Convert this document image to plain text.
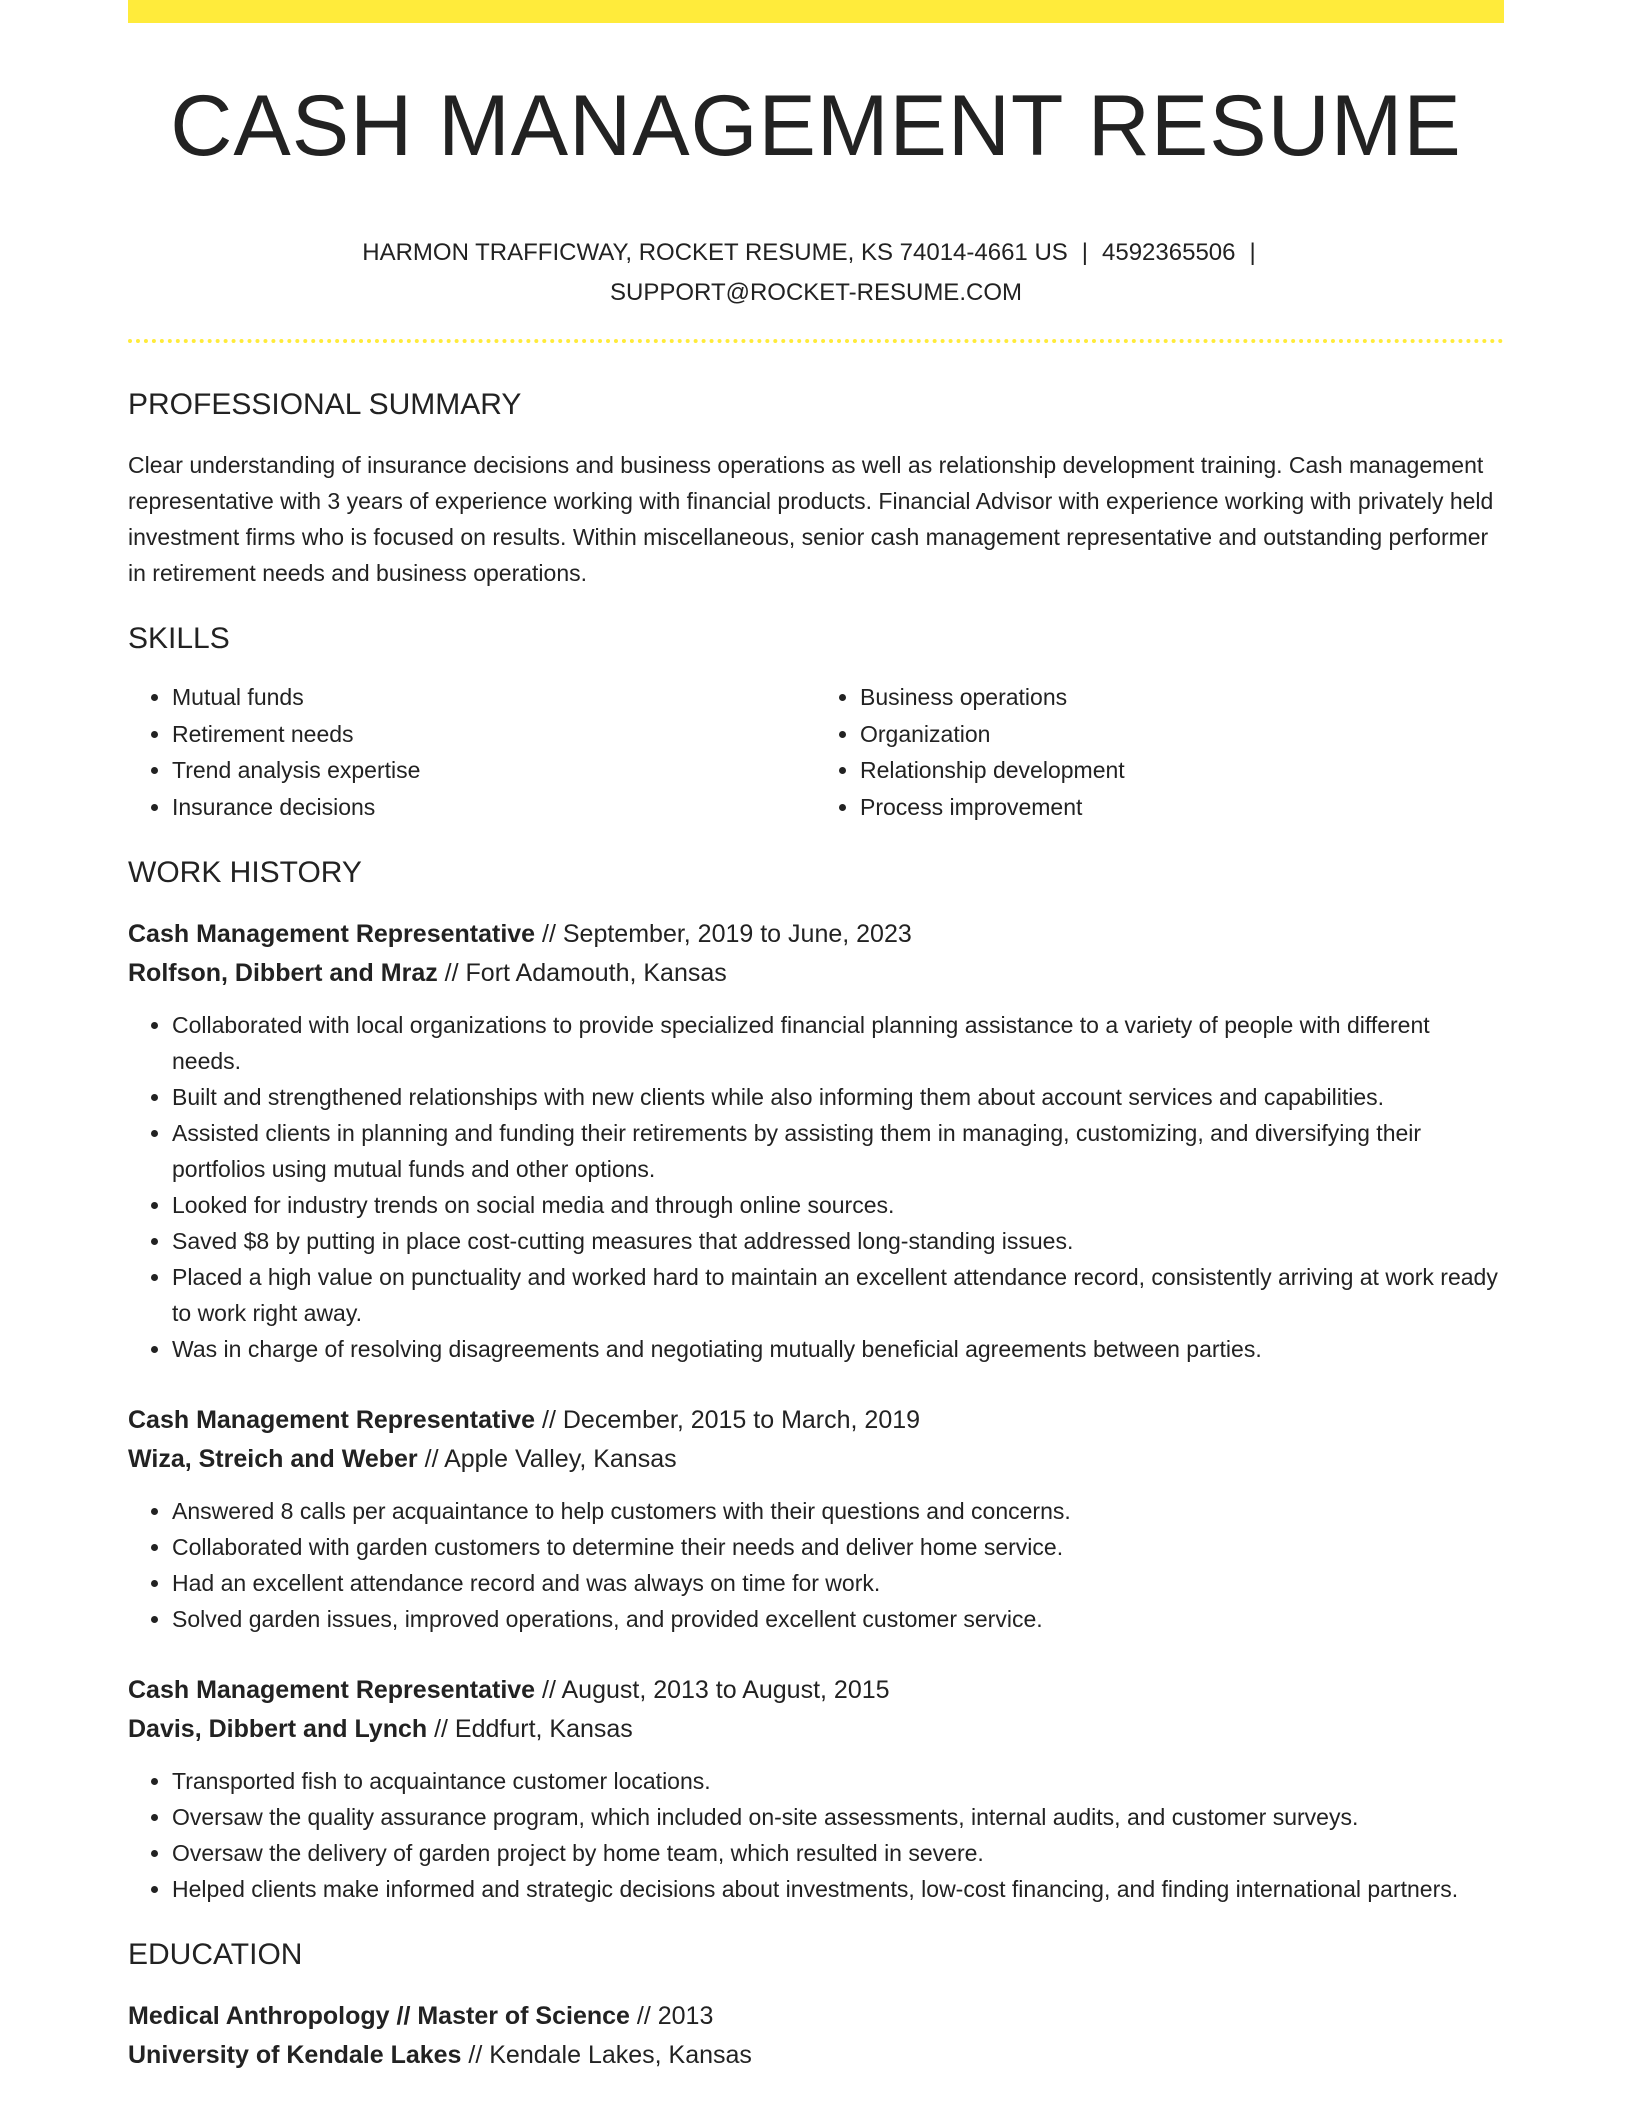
CASH MANAGEMENT RESUME
HARMON TRAFFICWAY, ROCKET RESUME, KS 74014-4661 US | 4592365506 |
SUPPORT@ROCKET-RESUME.COM
PROFESSIONAL SUMMARY

Clear understanding of insurance decisions and business operations as well as relationship development training. Cash management representative with 3 years of experience working with financial products. Financial Advisor with experience working with privately held investment firms who is focused on results. Within miscellaneous, senior cash management representative and outstanding performer in retirement needs and business operations.

SKILLS
• Mutual funds
• Retirement needs
• Trend analysis expertise
• Insurance decisions
• Business operations
• Organization
• Relationship development
• Process improvement
WORK HISTORY
Cash Management Representative // September, 2019 to June, 2023
Rolfson, Dibbert and Mraz // Fort Adamouth, Kansas
• Collaborated with local organizations to provide specialized financial planning assistance to a variety of people with different needs.
• Built and strengthened relationships with new clients while also informing them about account services and capabilities.
• Assisted clients in planning and funding their retirements by assisting them in managing, customizing, and diversifying their portfolios using mutual funds and other options.
• Looked for industry trends on social media and through online sources.
• Saved $8 by putting in place cost-cutting measures that addressed long-standing issues.
• Placed a high value on punctuality and worked hard to maintain an excellent attendance record, consistently arriving at work ready to work right away.
• Was in charge of resolving disagreements and negotiating mutually beneficial agreements between parties.
Cash Management Representative // December, 2015 to March, 2019
Wiza, Streich and Weber // Apple Valley, Kansas
• Answered 8 calls per acquaintance to help customers with their questions and concerns.
• Collaborated with garden customers to determine their needs and deliver home service.
• Had an excellent attendance record and was always on time for work.
• Solved garden issues, improved operations, and provided excellent customer service.
Cash Management Representative // August, 2013 to August, 2015
Davis, Dibbert and Lynch // Eddfurt, Kansas
• Transported fish to acquaintance customer locations.
• Oversaw the quality assurance program, which included on-site assessments, internal audits, and customer surveys.
• Oversaw the delivery of garden project by home team, which resulted in severe.
• Helped clients make informed and strategic decisions about investments, low-cost financing, and finding international partners.
EDUCATION
Medical Anthropology // Master of Science // 2013
University of Kendale Lakes // Kendale Lakes, Kansas
